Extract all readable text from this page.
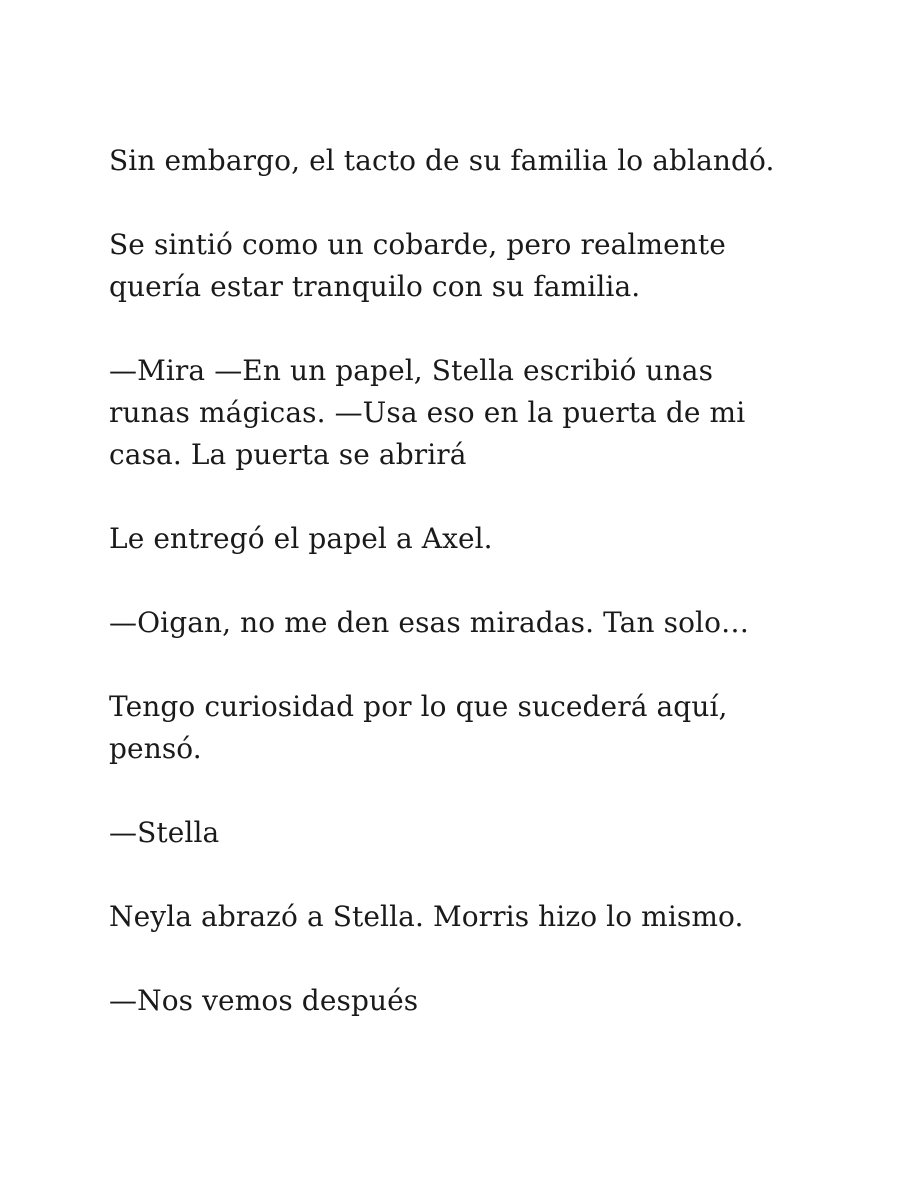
Sin embargo, el tacto de su familia lo ablandó.

Se sintió como un cobarde, pero realmente quería estar tranquilo con su familia.

—Mira —En un papel, Stella escribió unas runas mágicas. —Usa eso en la puerta de mi casa. La puerta se abrirá

Le entregó el papel a Axel.

—Oigan, no me den esas miradas. Tan solo…

Tengo curiosidad por lo que sucederá aquí, pensó.

—Stella

Neyla abrazó a Stella. Morris hizo lo mismo.

—Nos vemos después
